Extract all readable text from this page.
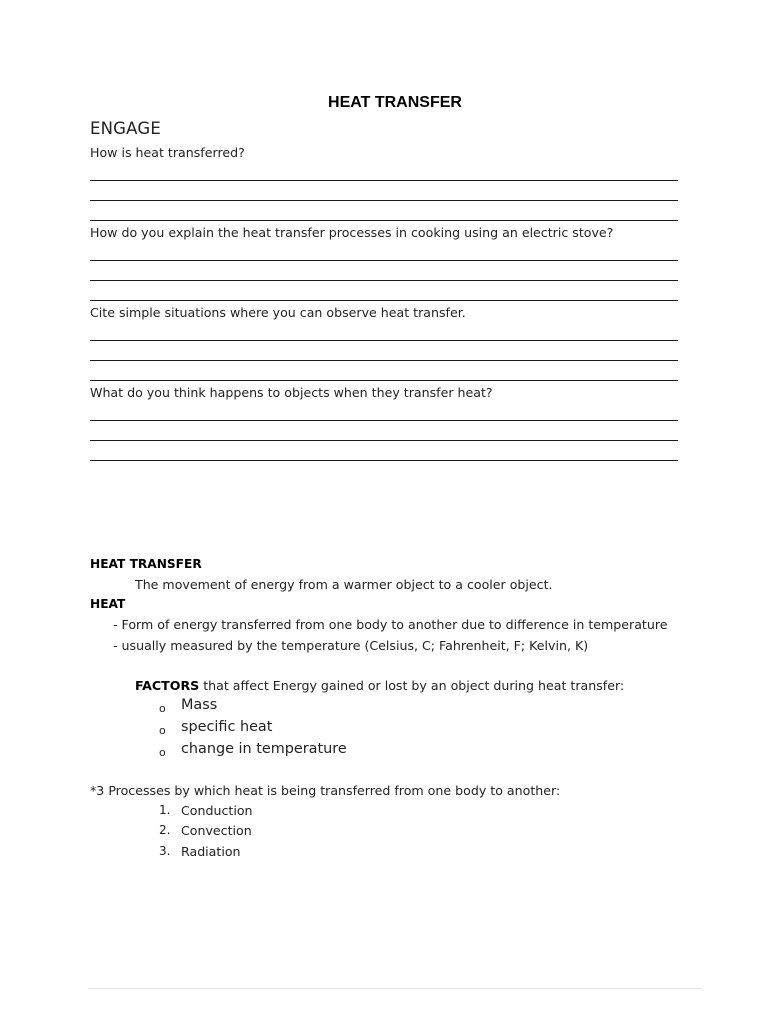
HEAT TRANSFER
ENGAGE
How is heat transferred?
How do you explain the heat transfer processes in cooking using an electric stove?
Cite simple situations where you can observe heat transfer.
What do you think happens to objects when they transfer heat?
HEAT TRANSFER
The movement of energy from a warmer object to a cooler object.
HEAT
- Form of energy transferred from one body to another due to difference in temperature
- usually measured by the temperature (Celsius, C; Fahrenheit, F; Kelvin, K)
FACTORS that affect Energy gained or lost by an object during heat transfer:
o Mass
o specific heat
o change in temperature
*3 Processes by which heat is being transferred from one body to another:
1. Conduction
2. Convection
3. Radiation
